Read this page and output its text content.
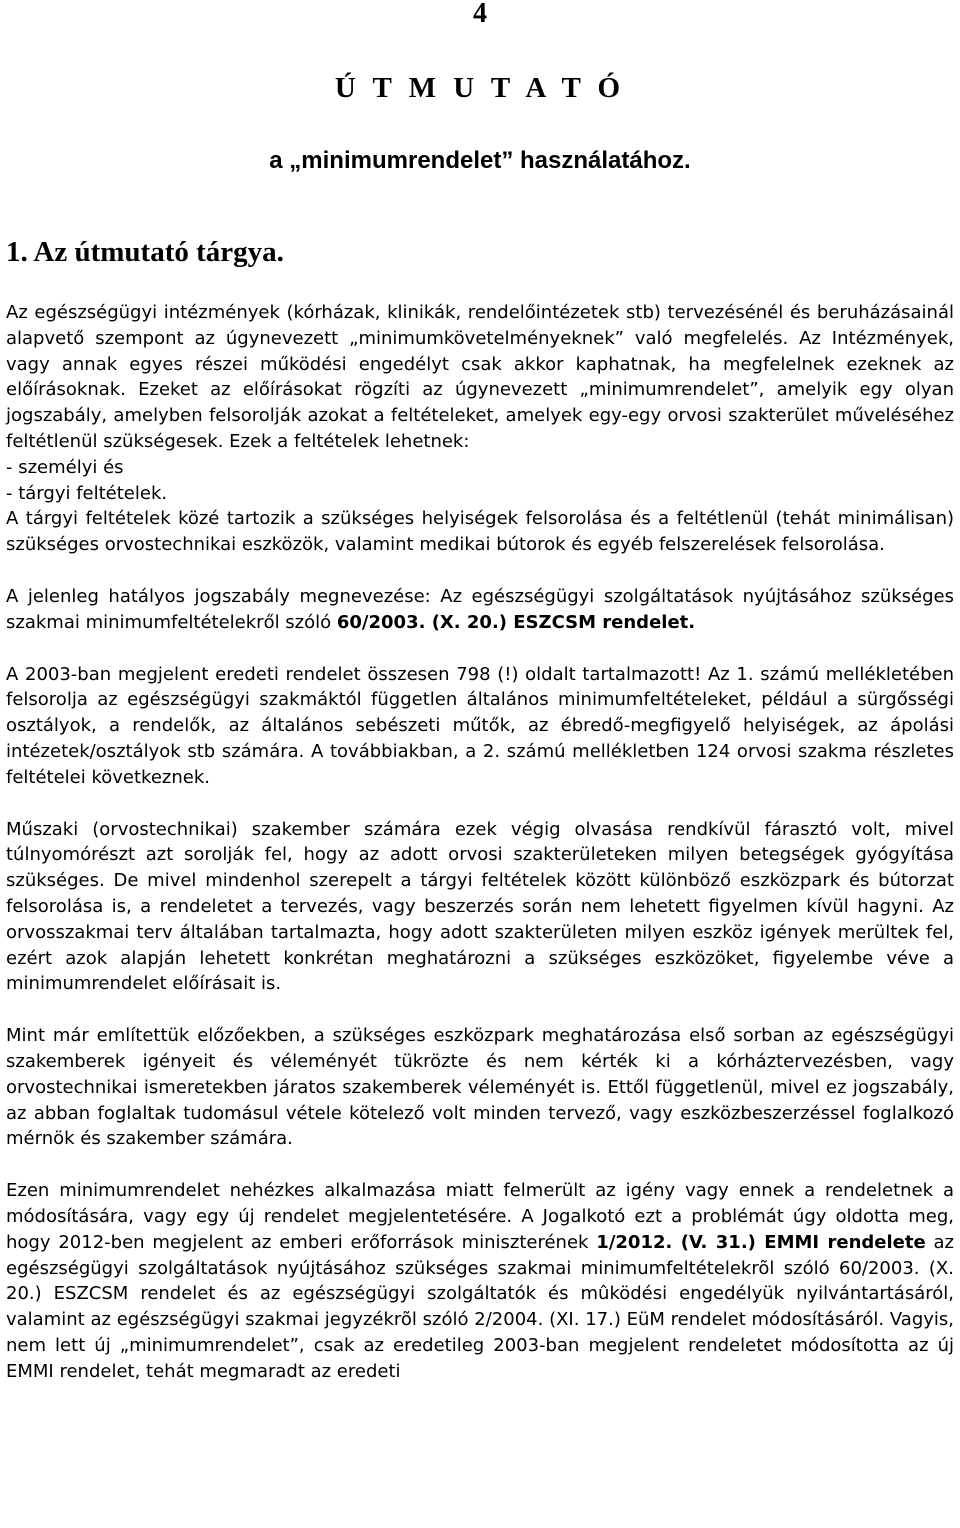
4
Ú T M U T A T Ó
a „minimumrendelet” használatához.
1. Az útmutató tárgya.

Az egészségügyi intézmények (kórházak, klinikák, rendelőintézetek stb) tervezésénél és beruházásainál alapvető szempont az úgynevezett „minimumkövetelményeknek” való megfelelés. Az Intézmények, vagy annak egyes részei működési engedélyt csak akkor kaphatnak, ha megfelelnek ezeknek az előírásoknak. Ezeket az előírásokat rögzíti az úgynevezett „minimumrendelet”, amelyik egy olyan jogszabály, amelyben felsorolják azokat a feltételeket, amelyek egy-egy orvosi szakterület műveléséhez feltétlenül szükségesek. Ezek a feltételek lehetnek:

- személyi és

- tárgyi feltételek.

A tárgyi feltételek közé tartozik a szükséges helyiségek felsorolása és a feltétlenül (tehát minimálisan) szükséges orvostechnikai eszközök, valamint medikai bútorok és egyéb felszerelések felsorolása.

A jelenleg hatályos jogszabály megnevezése: Az egészségügyi szolgáltatások nyújtásához szükséges szakmai minimumfeltételekről szóló 60/2003. (X. 20.) ESZCSM rendelet.

A 2003-ban megjelent eredeti rendelet összesen 798 (!) oldalt tartalmazott! Az 1. számú mellékletében felsorolja az egészségügyi szakmáktól független általános minimumfeltételeket, például a sürgősségi osztályok, a rendelők, az általános sebészeti műtők, az ébredő-megfigyelő helyiségek, az ápolási intézetek/osztályok stb számára. A továbbiakban, a 2. számú mellékletben 124 orvosi szakma részletes feltételei következnek.

Műszaki (orvostechnikai) szakember számára ezek végig olvasása rendkívül fárasztó volt, mivel túlnyomórészt azt sorolják fel, hogy az adott orvosi szakterületeken milyen betegségek gyógyítása szükséges. De mivel mindenhol szerepelt a tárgyi feltételek között különböző eszközpark és bútorzat felsorolása is, a rendeletet a tervezés, vagy beszerzés során nem lehetett figyelmen kívül hagyni. Az orvosszakmai terv általában tartalmazta, hogy adott szakterületen milyen eszköz igények merültek fel, ezért azok alapján lehetett konkrétan meghatározni a szükséges eszközöket, figyelembe véve a minimumrendelet előírásait is.

Mint már említettük előzőekben, a szükséges eszközpark meghatározása első sorban az egészségügyi szakemberek igényeit és véleményét tükrözte és nem kérték ki a kórháztervezésben, vagy orvostechnikai ismeretekben járatos szakemberek véleményét is. Ettől függetlenül, mivel ez jogszabály, az abban foglaltak tudomásul vétele kötelező volt minden tervező, vagy eszközbeszerzéssel foglalkozó mérnök és szakember számára.

Ezen minimumrendelet nehézkes alkalmazása miatt felmerült az igény vagy ennek a rendeletnek a módosítására, vagy egy új rendelet megjelentetésére. A Jogalkotó ezt a problémát úgy oldotta meg, hogy 2012-ben megjelent az emberi erőforrások miniszterének 1/2012. (V. 31.) EMMI rendelete az egészségügyi szolgáltatások nyújtásához szükséges szakmai minimumfeltételekrõl szóló 60/2003. (X. 20.) ESZCSM rendelet és az egészségügyi szolgáltatók és mûködési engedélyük nyilvántartásáról, valamint az egészségügyi szakmai jegyzékrõl szóló 2/2004. (XI. 17.) EüM rendelet módosításáról. Vagyis, nem lett új „minimumrendelet”, csak az eredetileg 2003-ban megjelent rendeletet módosította az új EMMI rendelet, tehát megmaradt az eredeti
